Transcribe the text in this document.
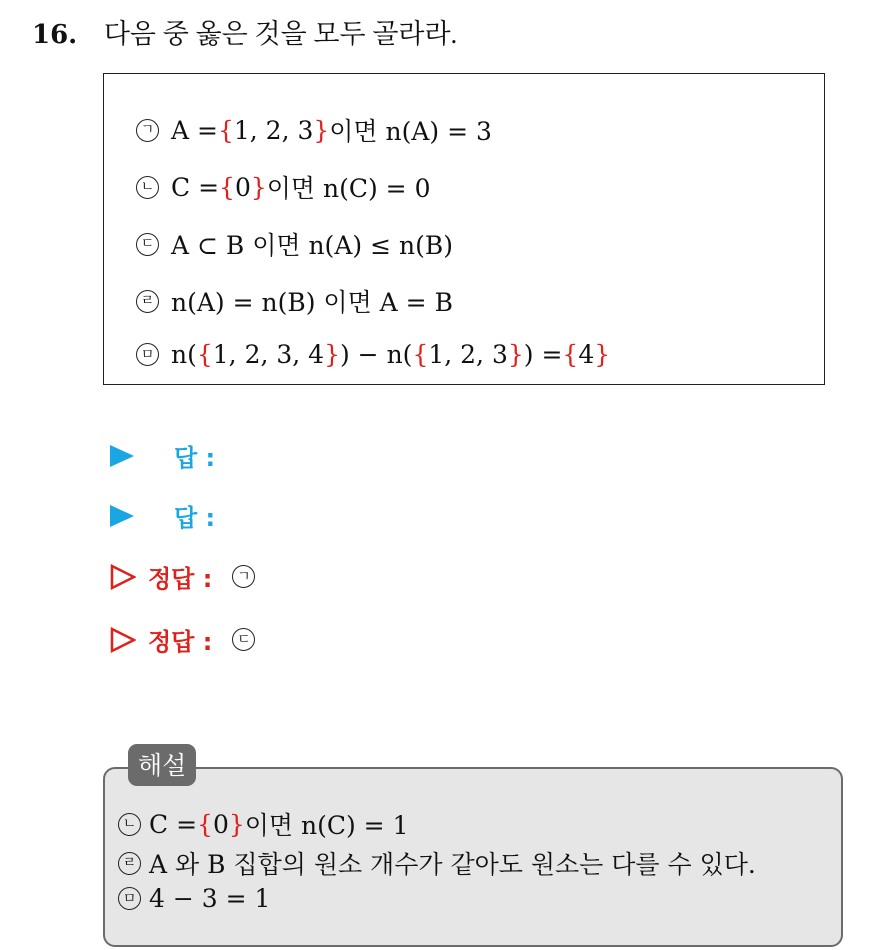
16. 다음 중 옳은 것을 모두 골라라.
ㄱ A = { 1, 2, 3 } 이면 n(A) = 3
ㄴ C = { 0 } 이면 n(C) = 0
ㄷ A ⊂ B 이면 n(A) ≤ n(B)
ㄹ n(A) = n(B) 이면 A = B
ㅁ n( { 1, 2, 3, 4 } ) − n( { 1, 2, 3 } ) = { 4 }
답 :
답 :
정답 :	ㄱ
정답 :	ㄷ
해설
ㄴ C = { 0 } 이면 n(C) = 1
ㄹ A 와 B 집합의 원소 개수가 같아도 원소는 다를 수 있다.
ㅁ 4 − 3 = 1
